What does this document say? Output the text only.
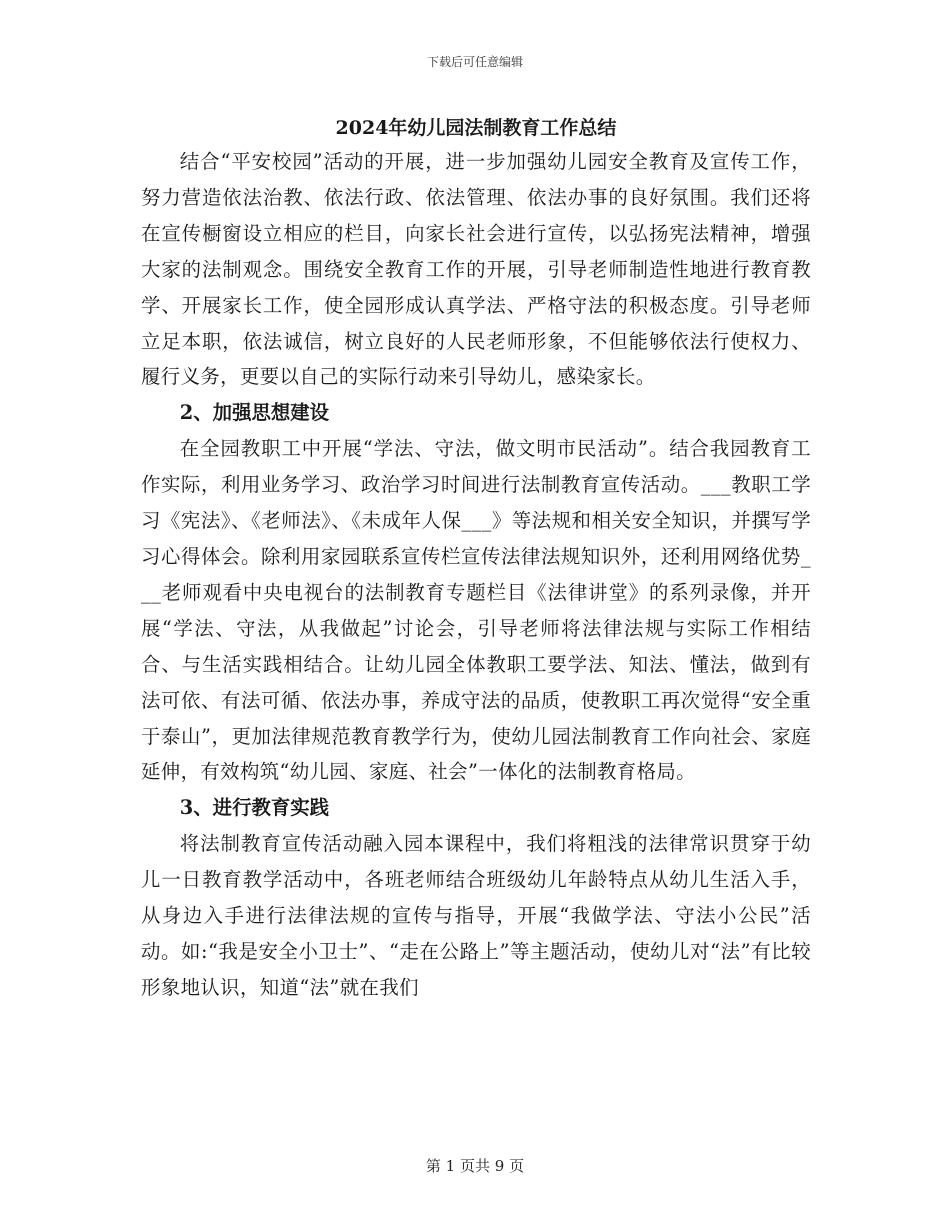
下载后可任意编辑
2024年幼儿园法制教育工作总结

结合“平安校园”活动的开展，进一步加强幼儿园安全教育及宣传工作，努力营造依法治教、依法行政、依法管理、依法办事的良好氛围。我们还将在宣传橱窗设立相应的栏目，向家长社会进行宣传，以弘扬宪法精神，增强大家的法制观念。围绕安全教育工作的开展，引导老师制造性地进行教育教学、开展家长工作，使全园形成认真学法、严格守法的积极态度。引导老师立足本职，依法诚信，树立良好的人民老师形象，不但能够依法行使权力、履行义务，更要以自己的实际行动来引导幼儿，感染家长。

2、加强思想建设

在全园教职工中开展“学法、守法，做文明市民活动”。结合我园教育工作实际，利用业务学习、政治学习时间进行法制教育宣传活动。___教职工学习《宪法》、《老师法》、《未成年人保___》等法规和相关安全知识，并撰写学习心得体会。除利用家园联系宣传栏宣传法律法规知识外，还利用网络优势___老师观看中央电视台的法制教育专题栏目《法律讲堂》的系列录像，并开展“学法、守法，从我做起”讨论会，引导老师将法律法规与实际工作相结合、与生活实践相结合。让幼儿园全体教职工要学法、知法、懂法，做到有法可依、有法可循、依法办事，养成守法的品质，使教职工再次觉得“安全重于泰山”，更加法律规范教育教学行为，使幼儿园法制教育工作向社会、家庭延伸，有效构筑“幼儿园、家庭、社会”一体化的法制教育格局。

3、进行教育实践

将法制教育宣传活动融入园本课程中，我们将粗浅的法律常识贯穿于幼儿一日教育教学活动中，各班老师结合班级幼儿年龄特点从幼儿生活入手，从身边入手进行法律法规的宣传与指导，开展“我做学法、守法小公民”活动。如:“我是安全小卫士”、“走在公路上”等主题活动，使幼儿对“法”有比较形象地认识，知道“法”就在我们

第 1 页共 9 页
